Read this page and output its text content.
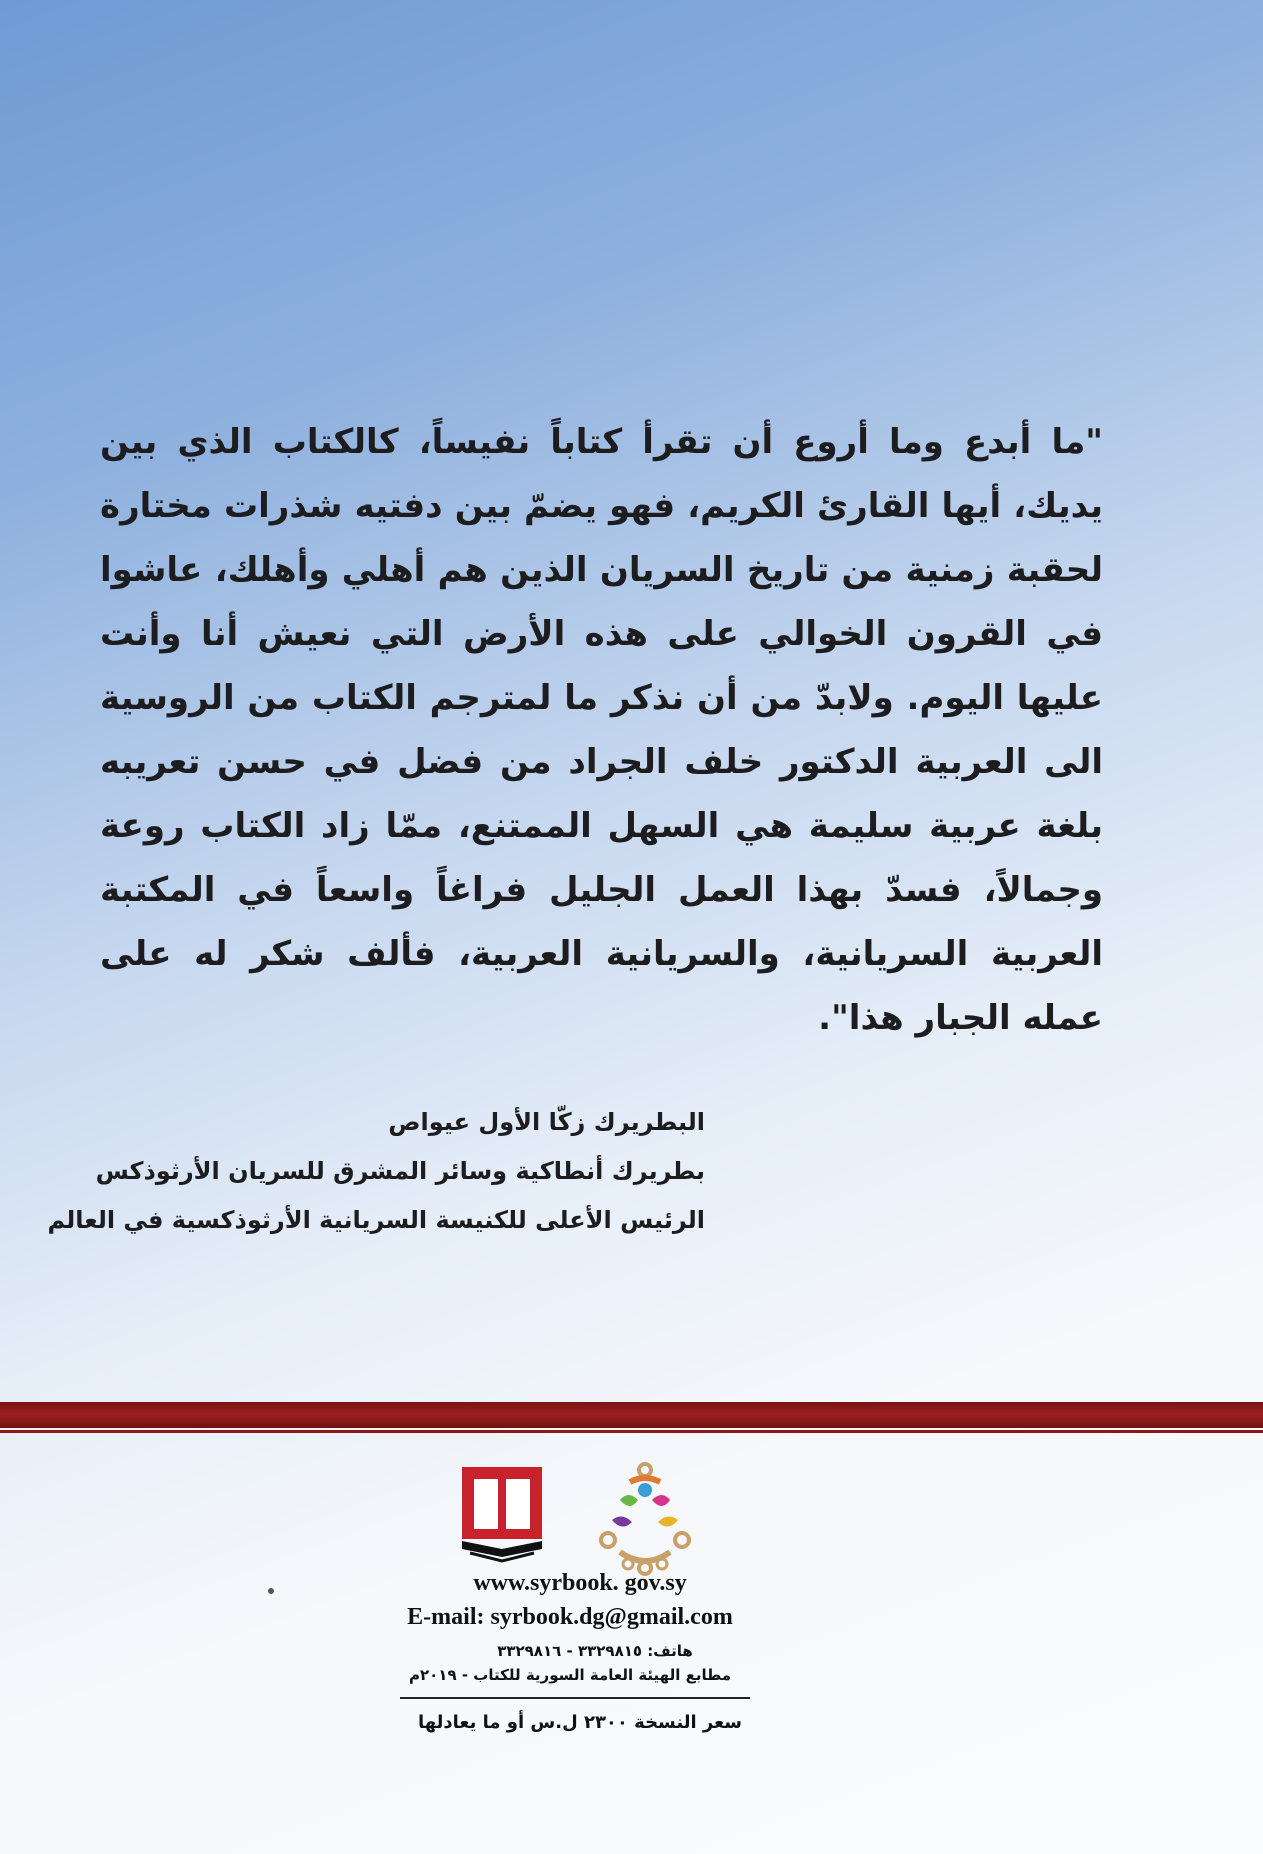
"ما أبدع وما أروع أن تقرأ كتاباً نفيساً، كالكتاب الذي بين يديك، أيها القارئ الكريم، فهو يضمّ بين دفتيه شذرات مختارة لحقبة زمنية من تاريخ السريان الذين هم أهلي وأهلك، عاشوا في القرون الخوالي على هذه الأرض التي نعيش أنا وأنت عليها اليوم. ولابدّ من أن نذكر ما لمترجم الكتاب من الروسية الى العربية الدكتور خلف الجراد من فضل في حسن تعريبه بلغة عربية سليمة هي السهل الممتنع، ممّا زاد الكتاب روعة وجمالاً، فسدّ بهذا العمل الجليل فراغاً واسعاً في المكتبة العربية السريانية، والسريانية العربية، فألف شكر له على عمله الجبار هذا".

البطريرك زكّا الأول عيواص
بطريرك أنطاكية وسائر المشرق للسريان الأرثوذكس
الرئيس الأعلى للكنيسة السريانية الأرثوذكسية في العالم
www.syrbook. gov.sy
E-mail: syrbook.dg@gmail.com
هاتف: ٣٣٢٩٨١٥ - ٣٣٢٩٨١٦
مطابع الهيئة العامة السورية للكتاب - ٢٠١٩م
سعر النسخة ٢٣٠٠ ل.س أو ما يعادلها
